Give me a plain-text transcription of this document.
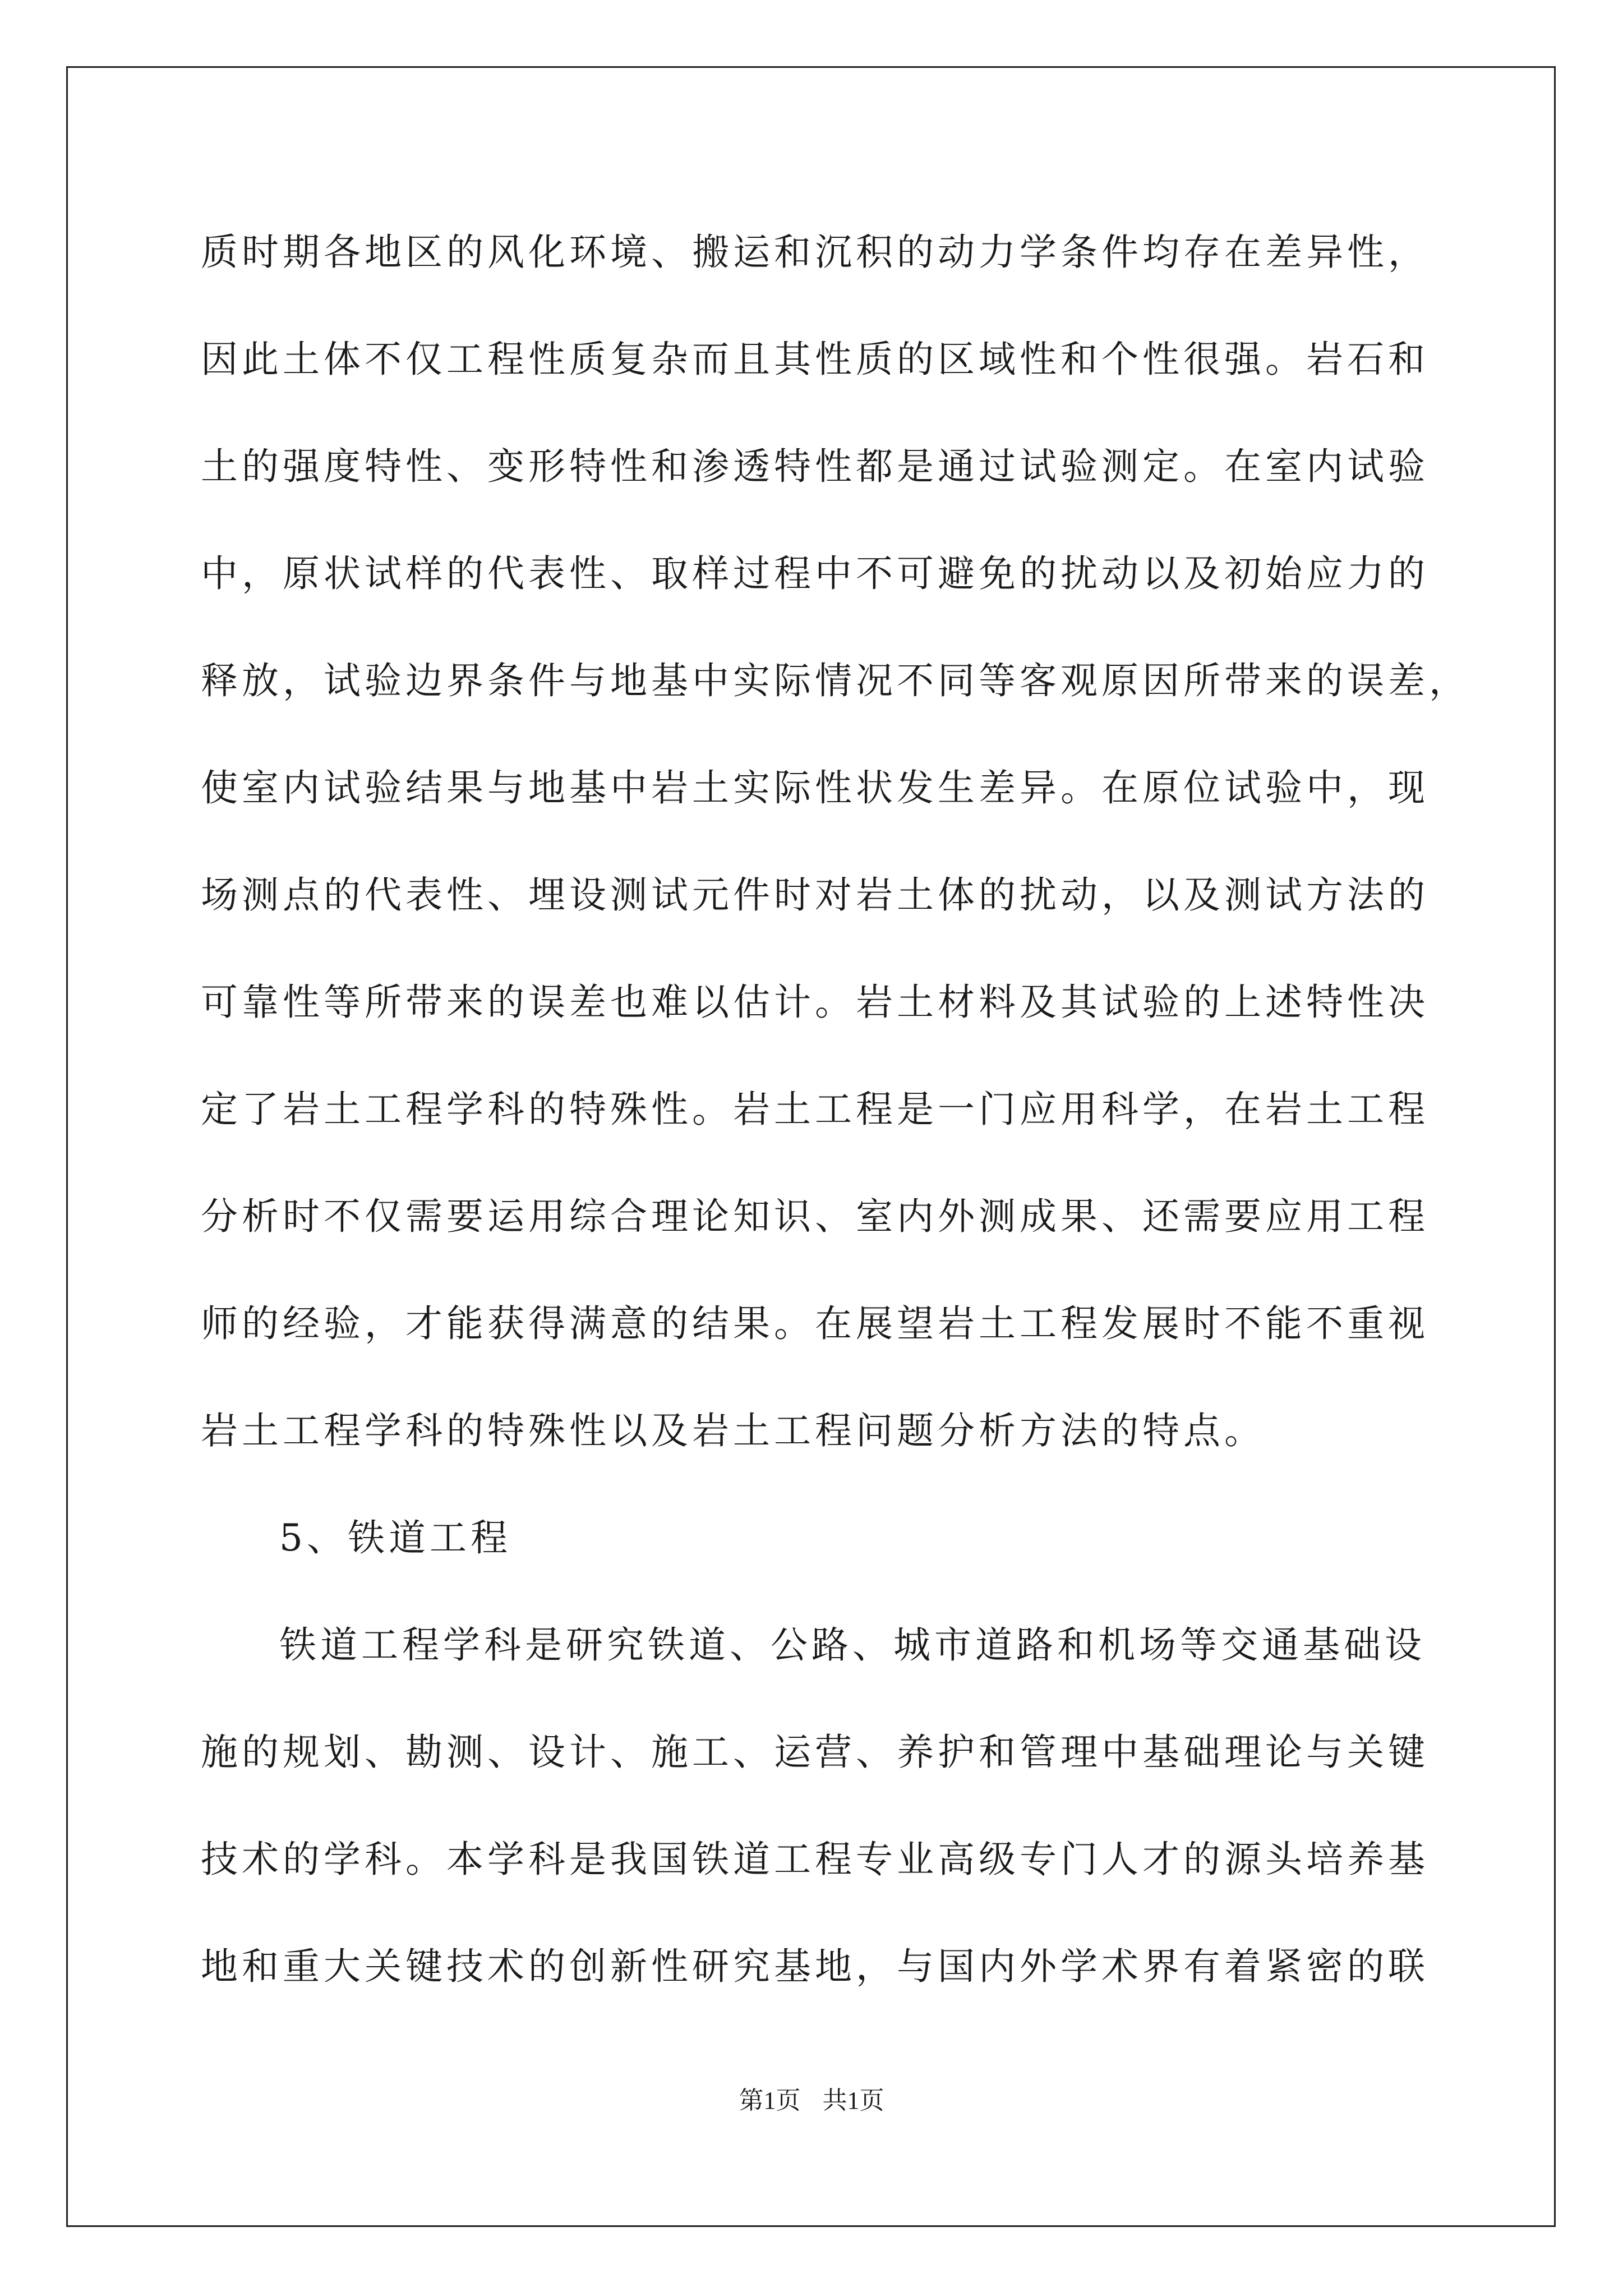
质时期各地区的风化环境、搬运和沉积的动力学条件均存在差异性，
因此土体不仅工程性质复杂而且其性质的区域性和个性很强。岩石和
土的强度特性、变形特性和渗透特性都是通过试验测定。在室内试验
中，原状试样的代表性、取样过程中不可避免的扰动以及初始应力的
释放，试验边界条件与地基中实际情况不同等客观原因所带来的误差，
使室内试验结果与地基中岩土实际性状发生差异。在原位试验中，现
场测点的代表性、埋设测试元件时对岩土体的扰动，以及测试方法的
可靠性等所带来的误差也难以估计。岩土材料及其试验的上述特性决
定了岩土工程学科的特殊性。岩土工程是一门应用科学，在岩土工程
分析时不仅需要运用综合理论知识、室内外测成果、还需要应用工程
师的经验，才能获得满意的结果。在展望岩土工程发展时不能不重视
岩土工程学科的特殊性以及岩土工程问题分析方法的特点。
5、铁道工程
铁道工程学科是研究铁道、公路、城市道路和机场等交通基础设
施的规划、勘测、设计、施工、运营、养护和管理中基础理论与关键
技术的学科。本学科是我国铁道工程专业高级专门人才的源头培养基
地和重大关键技术的创新性研究基地，与国内外学术界有着紧密的联
第1页 共1页
